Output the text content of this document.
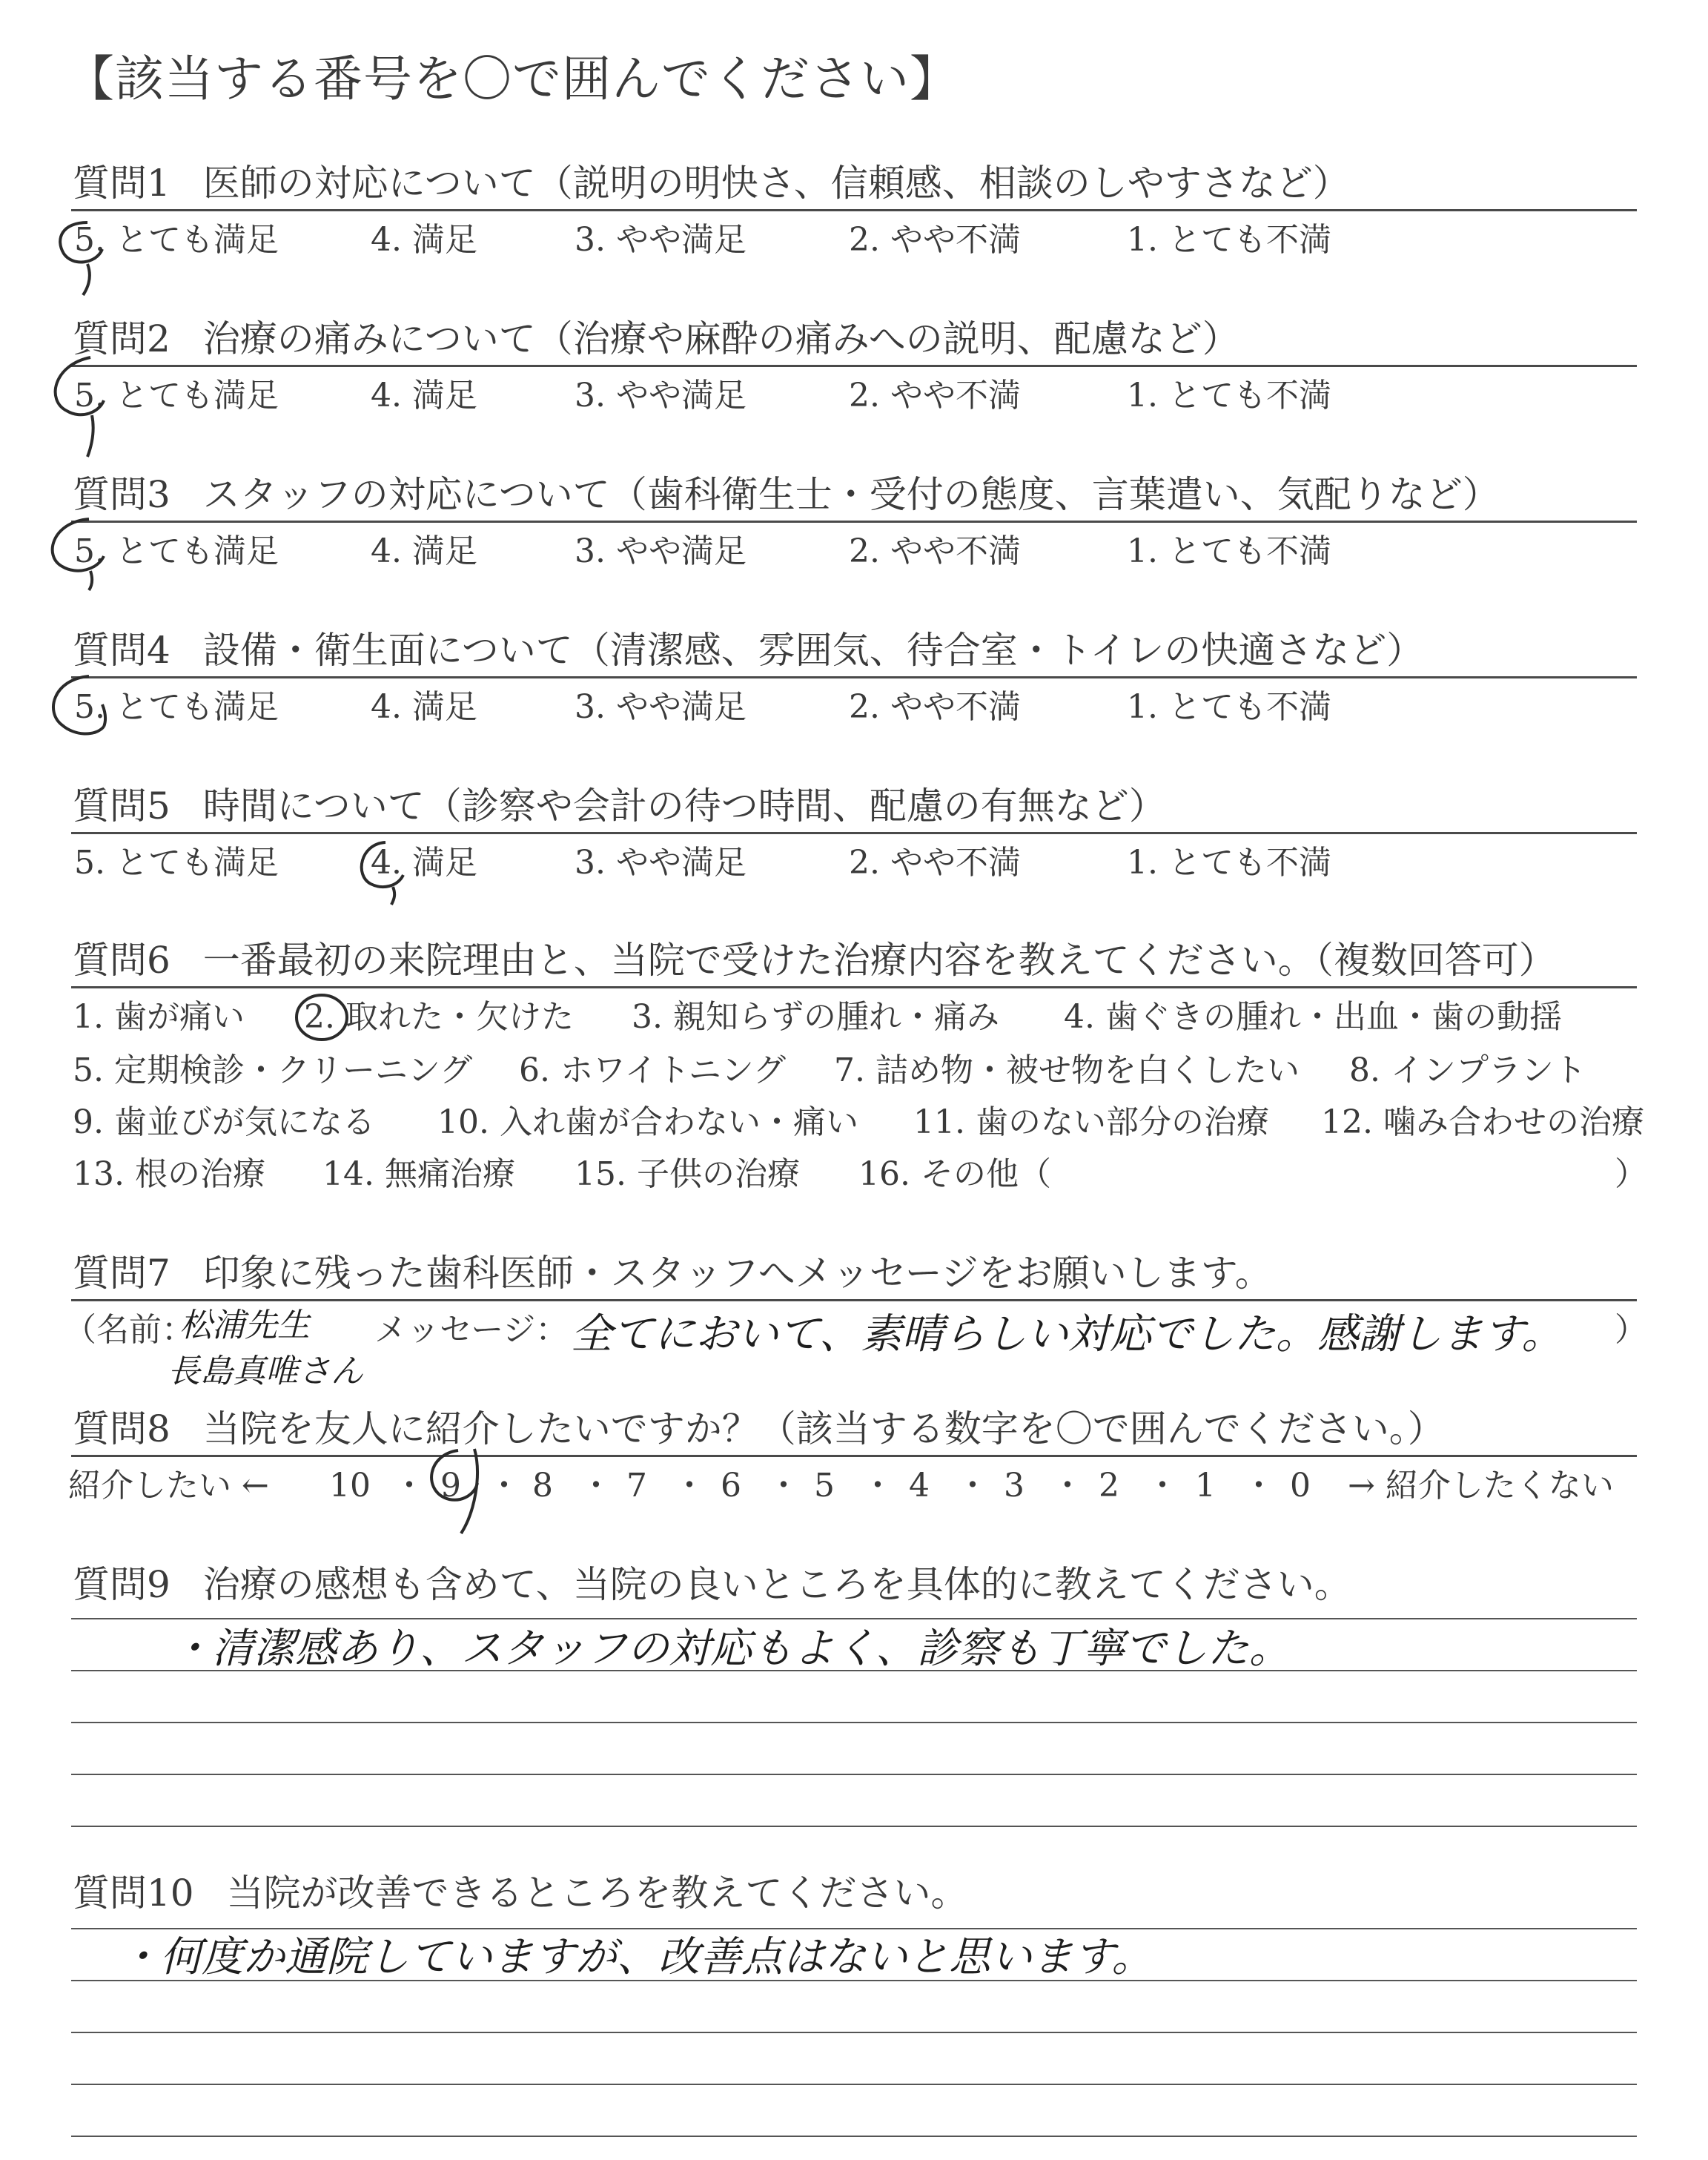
【該当する番号を〇で囲んでください】
質問1 医師の対応について（説明の明快さ、信頼感、相談のしやすさなど）
5. とても満足	4. 満足	3. やや満足	2. やや不満	1. とても不満
質問2 治療の痛みについて（治療や麻酔の痛みへの説明、配慮など）
5. とても満足	4. 満足	3. やや満足	2. やや不満	1. とても不満
質問3 スタッフの対応について（歯科衛生士・受付の態度、言葉遣い、気配りなど）
5. とても満足	4. 満足	3. やや満足	2. やや不満	1. とても不満
質問4 設備・衛生面について（清潔感、雰囲気、待合室・トイレの快適さなど）
5. とても満足	4. 満足	3. やや満足	2. やや不満	1. とても不満
質問5 時間について（診察や会計の待つ時間、配慮の有無など）
5. とても満足	4. 満足	3. やや満足	2. やや不満	1. とても不満
質問6 一番最初の来院理由と、当院で受けた治療内容を教えてください。（複数回答可）
1. 歯が痛い 2. 取れた・欠けた 3. 親知らずの腫れ・痛み 4. 歯ぐきの腫れ・出血・歯の動揺
5. 定期検診・クリーニング 6. ホワイトニング 7. 詰め物・被せ物を白くしたい 8. インプラント
9. 歯並びが気になる 10. 入れ歯が合わない・痛い 11. 歯のない部分の治療 12. 噛み合わせの治療
13. 根の治療 14. 無痛治療 15. 子供の治療 16. その他（	）
質問7 印象に残った歯科医師・スタッフへメッセージをお願いします。
（名前：
松浦先生
長島真唯さん
メッセージ： 全てにおいて、素晴らしい対応でした。感謝します。 ）
質問8 当院を友人に紹介したいですか？（該当する数字を〇で囲んでください。）
紹介したい ← 10 ・ 9 ・ 8 ・ 7 ・ 6 ・ 5 ・ 4 ・ 3 ・ 2 ・ 1 ・ 0 → 紹介したくない
質問9 治療の感想も含めて、当院の良いところを具体的に教えてください。
・清潔感あり、スタッフの対応もよく、診察も丁寧でした。
質問10 当院が改善できるところを教えてください。
・何度か通院していますが、改善点はないと思います。
